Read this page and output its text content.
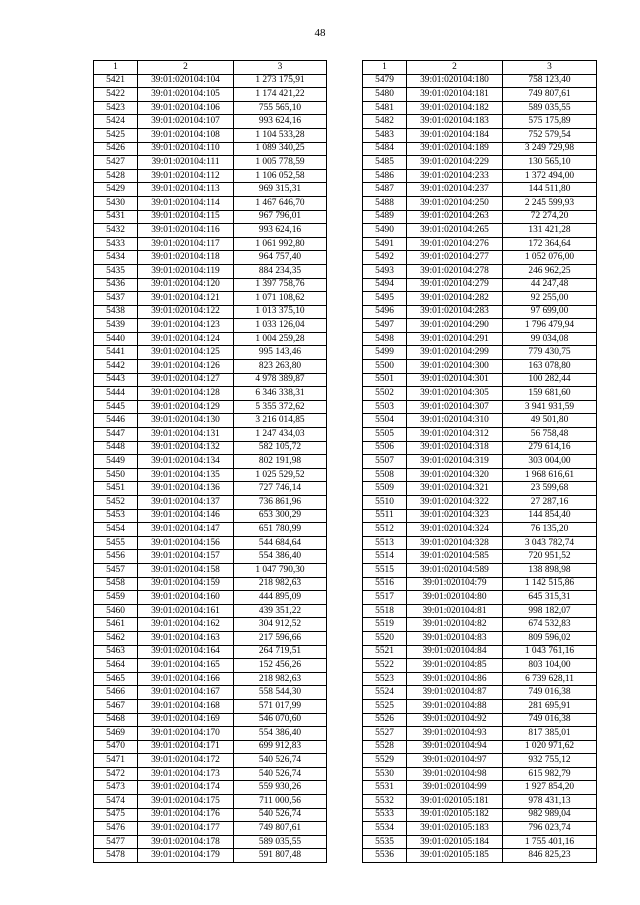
48
1	2	3
5421	39:01:020104:104	1 273 175,91
5422	39:01:020104:105	1 174 421,22
5423	39:01:020104:106	755 565,10
5424	39:01:020104:107	993 624,16
5425	39:01:020104:108	1 104 533,28
5426	39:01:020104:110	1 089 340,25
5427	39:01:020104:111	1 005 778,59
5428	39:01:020104:112	1 106 052,58
5429	39:01:020104:113	969 315,31
5430	39:01:020104:114	1 467 646,70
5431	39:01:020104:115	967 796,01
5432	39:01:020104:116	993 624,16
5433	39:01:020104:117	1 061 992,80
5434	39:01:020104:118	964 757,40
5435	39:01:020104:119	884 234,35
5436	39:01:020104:120	1 397 758,76
5437	39:01:020104:121	1 071 108,62
5438	39:01:020104:122	1 013 375,10
5439	39:01:020104:123	1 033 126,04
5440	39:01:020104:124	1 004 259,28
5441	39:01:020104:125	995 143,46
5442	39:01:020104:126	823 263,80
5443	39:01:020104:127	4 978 389,87
5444	39:01:020104:128	6 346 338,31
5445	39:01:020104:129	5 355 372,62
5446	39:01:020104:130	3 216 014,85
5447	39:01:020104:131	1 247 434,03
5448	39:01:020104:132	582 105,72
5449	39:01:020104:134	802 191,98
5450	39:01:020104:135	1 025 529,52
5451	39:01:020104:136	727 746,14
5452	39:01:020104:137	736 861,96
5453	39:01:020104:146	653 300,29
5454	39:01:020104:147	651 780,99
5455	39:01:020104:156	544 684,64
5456	39:01:020104:157	554 386,40
5457	39:01:020104:158	1 047 790,30
5458	39:01:020104:159	218 982,63
5459	39:01:020104:160	444 895,09
5460	39:01:020104:161	439 351,22
5461	39:01:020104:162	304 912,52
5462	39:01:020104:163	217 596,66
5463	39:01:020104:164	264 719,51
5464	39:01:020104:165	152 456,26
5465	39:01:020104:166	218 982,63
5466	39:01:020104:167	558 544,30
5467	39:01:020104:168	571 017,99
5468	39:01:020104:169	546 070,60
5469	39:01:020104:170	554 386,40
5470	39:01:020104:171	699 912,83
5471	39:01:020104:172	540 526,74
5472	39:01:020104:173	540 526,74
5473	39:01:020104:174	559 930,26
5474	39:01:020104:175	711 000,56
5475	39:01:020104:176	540 526,74
5476	39:01:020104:177	749 807,61
5477	39:01:020104:178	589 035,55
5478	39:01:020104:179	591 807,48
1	2	3
5479	39:01:020104:180	758 123,40
5480	39:01:020104:181	749 807,61
5481	39:01:020104:182	589 035,55
5482	39:01:020104:183	575 175,89
5483	39:01:020104:184	752 579,54
5484	39:01:020104:189	3 249 729,98
5485	39:01:020104:229	130 565,10
5486	39:01:020104:233	1 372 494,00
5487	39:01:020104:237	144 511,80
5488	39:01:020104:250	2 245 599,93
5489	39:01:020104:263	72 274,20
5490	39:01:020104:265	131 421,28
5491	39:01:020104:276	172 364,64
5492	39:01:020104:277	1 052 076,00
5493	39:01:020104:278	246 962,25
5494	39:01:020104:279	44 247,48
5495	39:01:020104:282	92 255,00
5496	39:01:020104:283	97 699,00
5497	39:01:020104:290	1 796 479,94
5498	39:01:020104:291	99 034,08
5499	39:01:020104:299	779 430,75
5500	39:01:020104:300	163 078,80
5501	39:01:020104:301	100 282,44
5502	39:01:020104:305	159 681,60
5503	39:01:020104:307	3 941 931,59
5504	39:01:020104:310	49 501,80
5505	39:01:020104:312	56 758,48
5506	39:01:020104:318	279 614,16
5507	39:01:020104:319	303 004,00
5508	39:01:020104:320	1 968 616,61
5509	39:01:020104:321	23 599,68
5510	39:01:020104:322	27 287,16
5511	39:01:020104:323	144 854,40
5512	39:01:020104:324	76 135,20
5513	39:01:020104:328	3 043 782,74
5514	39:01:020104:585	720 951,52
5515	39:01:020104:589	138 898,98
5516	39:01:020104:79	1 142 515,86
5517	39:01:020104:80	645 315,31
5518	39:01:020104:81	998 182,07
5519	39:01:020104:82	674 532,83
5520	39:01:020104:83	809 596,02
5521	39:01:020104:84	1 043 761,16
5522	39:01:020104:85	803 104,00
5523	39:01:020104:86	6 739 628,11
5524	39:01:020104:87	749 016,38
5525	39:01:020104:88	281 695,91
5526	39:01:020104:92	749 016,38
5527	39:01:020104:93	817 385,01
5528	39:01:020104:94	1 020 971,62
5529	39:01:020104:97	932 755,12
5530	39:01:020104:98	615 982,79
5531	39:01:020104:99	1 927 854,20
5532	39:01:020105:181	978 431,13
5533	39:01:020105:182	982 989,04
5534	39:01:020105:183	796 023,74
5535	39:01:020105:184	1 755 401,16
5536	39:01:020105:185	846 825,23
